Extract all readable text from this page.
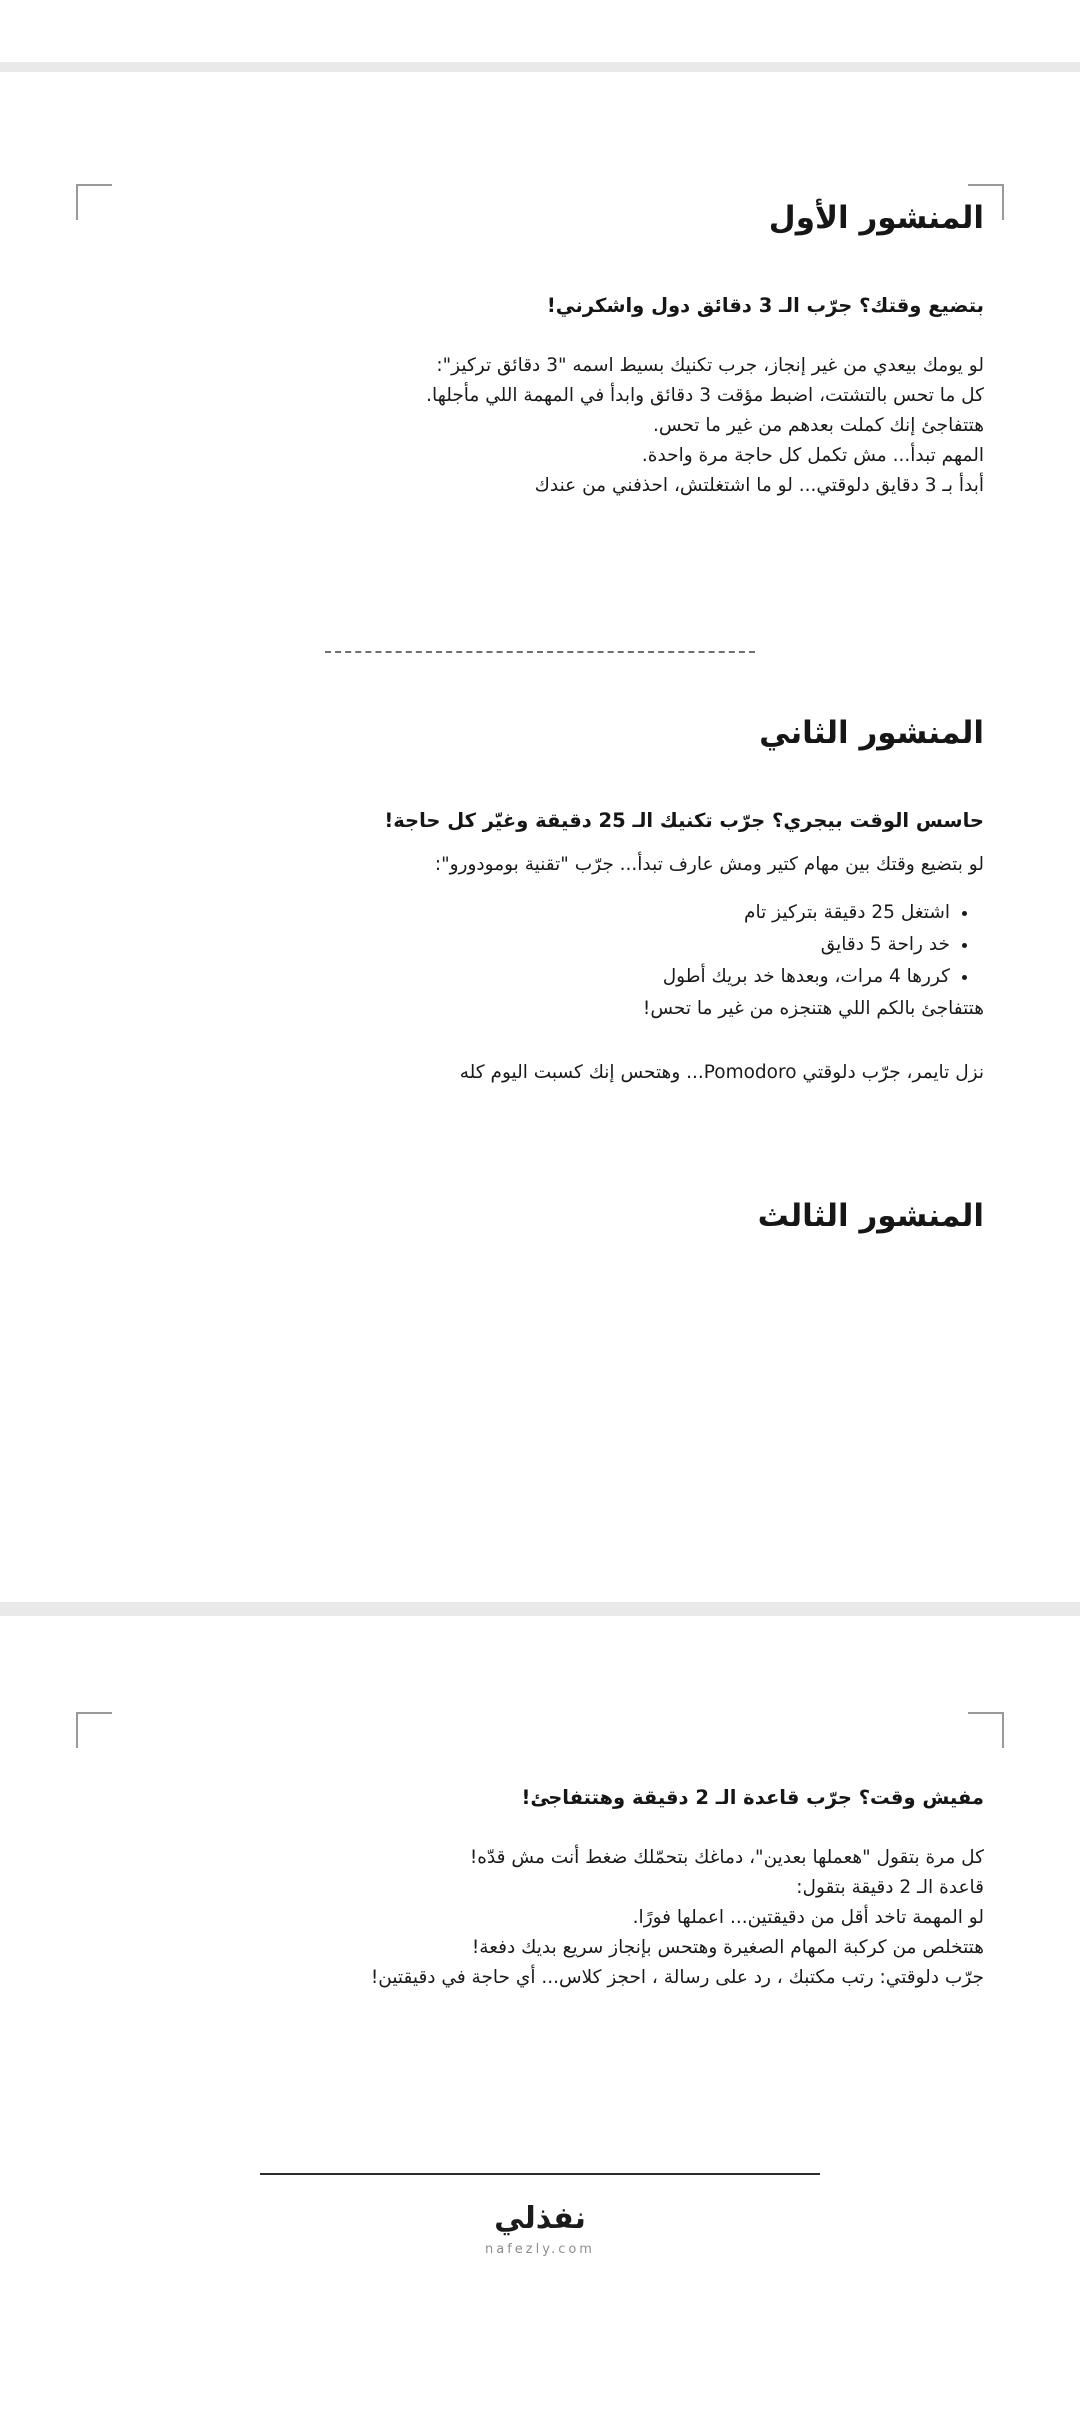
المنشور الأول

بتضيع وقتك؟ جرّب الـ 3 دقائق دول واشكرني!

لو يومك بيعدي من غير إنجاز، جرب تكنيك بسيط اسمه "3 دقائق تركيز":
كل ما تحس بالتشتت، اضبط مؤقت 3 دقائق وابدأ في المهمة اللي مأجلها.
هتتفاجئ إنك كملت بعدهم من غير ما تحس.
المهم تبدأ... مش تكمل كل حاجة مرة واحدة.
أبدأ بـ 3 دقايق دلوقتي... لو ما اشتغلتش، احذفني من عندك

المنشور الثاني

حاسس الوقت بيجري؟ جرّب تكنيك الـ 25 دقيقة وغيّر كل حاجة!

لو بتضيع وقتك بين مهام كتير ومش عارف تبدأ... جرّب "تقنية بومودورو":

• اشتغل 25 دقيقة بتركيز تام
• خد راحة 5 دقايق
• كررها 4 مرات، وبعدها خد بريك أطول

هتتفاجئ بالكم اللي هتنجزه من غير ما تحس!

نزل تايمر، جرّب دلوقتي Pomodoro... وهتحس إنك كسبت اليوم كله

المنشور الثالث

مفيش وقت؟ جرّب قاعدة الـ 2 دقيقة وهتتفاجئ!

كل مرة بتقول "هعملها بعدين"، دماغك بتحمّلك ضغط أنت مش قدّه!
قاعدة الـ 2 دقيقة بتقول:
لو المهمة تاخد أقل من دقيقتين... اعملها فورًا.
هتتخلص من كركبة المهام الصغيرة وهتحس بإنجاز سريع بديك دفعة!
جرّب دلوقتي: رتب مكتبك ، رد على رسالة ، احجز كلاس... أي حاجة في دقيقتين!

نفذلي
nafezly.com
